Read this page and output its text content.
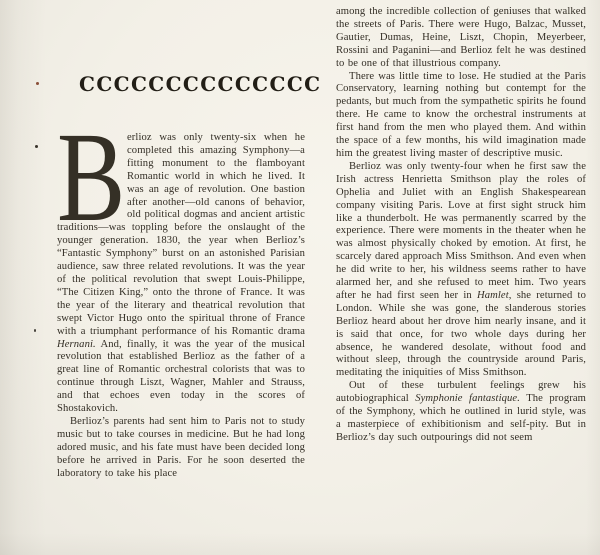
CCCCCCCCCCCCCC

Berlioz was only twenty-six when he completed this amazing Symphony—a fitting monument to the flamboyant Romantic world in which he lived. It was an age of revolution. One bastion after another—old canons of behavior, old political dogmas and ancient artistic traditions—was toppling before the onslaught of the younger generation. 1830, the year when Berlioz’s “Fantastic Symphony” burst on an astonished Parisian audience, saw three related revolutions. It was the year of the political revolution that swept Louis-Philippe, “The Citizen King,” onto the throne of France. It was the year of the literary and theatrical revolution that swept Victor Hugo onto the spiritual throne of France with a triumphant performance of his Romantic drama Hernani. And, finally, it was the year of the musical revolution that established Berlioz as the father of a great line of Romantic orchestral colorists that was to continue through Liszt, Wagner, Mahler and Strauss, and that echoes even today in the scores of Shostakovich.

Berlioz’s parents had sent him to Paris not to study music but to take courses in medicine. But he had long adored music, and his fate must have been decided long before he arrived in Paris. For he soon deserted the laboratory to take his place

among the incredible collection of geniuses that walked the streets of Paris. There were Hugo, Balzac, Musset, Gautier, Dumas, Heine, Liszt, Chopin, Meyerbeer, Rossini and Paganini—and Berlioz felt he was destined to be one of that illustrious company.

There was little time to lose. He studied at the Paris Conservatory, learning nothing but contempt for the pedants, but much from the sympathetic spirits he found there. He came to know the orchestral instruments at first hand from the men who played them. And within the space of a few months, his wild imagination made him the greatest living master of descriptive music.

Berlioz was only twenty-four when he first saw the Irish actress Henrietta Smithson play the roles of Ophelia and Juliet with an English Shakespearean company visiting Paris. Love at first sight struck him like a thunderbolt. He was permanently scarred by the experience. There were moments in the theater when he was almost physically choked by emotion. At first, he scarcely dared approach Miss Smithson. And even when he did write to her, his wildness seems rather to have alarmed her, and she refused to meet him. Two years after he had first seen her in Hamlet, she returned to London. While she was gone, the slanderous stories Berlioz heard about her drove him nearly insane, and it is said that once, for two whole days during her absence, he wandered desolate, without food and without sleep, through the countryside around Paris, meditating the iniquities of Miss Smithson.

Out of these turbulent feelings grew his autobiographical Symphonie fantastique. The program of the Symphony, which he outlined in lurid style, was a masterpiece of exhibitionism and self-pity. But in Berlioz’s day such outpourings did not seem
